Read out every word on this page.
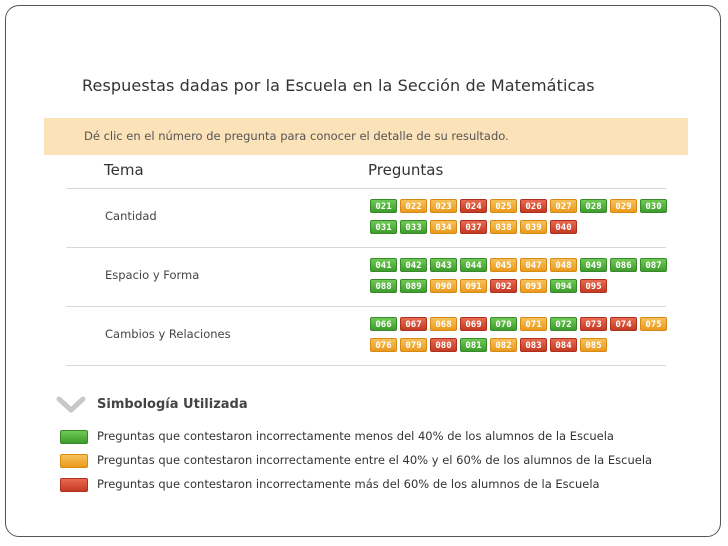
Respuestas dadas por la Escuela en la Sección de Matemáticas
Dé clic en el número de pregunta para conocer el detalle de su resultado.
Tema	Preguntas
Cantidad
021	022	023	024	025	026	027	028	029	030
031	033	034	037	038	039	040
Espacio y Forma
041	042	043	044	045	047	048	049	086	087
088	089	090	091	092	093	094	095
Cambios y Relaciones
066	067	068	069	070	071	072	073	074	075
076	079	080	081	082	083	084	085
Simbología Utilizada
Preguntas que contestaron incorrectamente menos del 40% de los alumnos de la Escuela
Preguntas que contestaron incorrectamente entre el 40% y el 60% de los alumnos de la Escuela
Preguntas que contestaron incorrectamente más del 60% de los alumnos de la Escuela
